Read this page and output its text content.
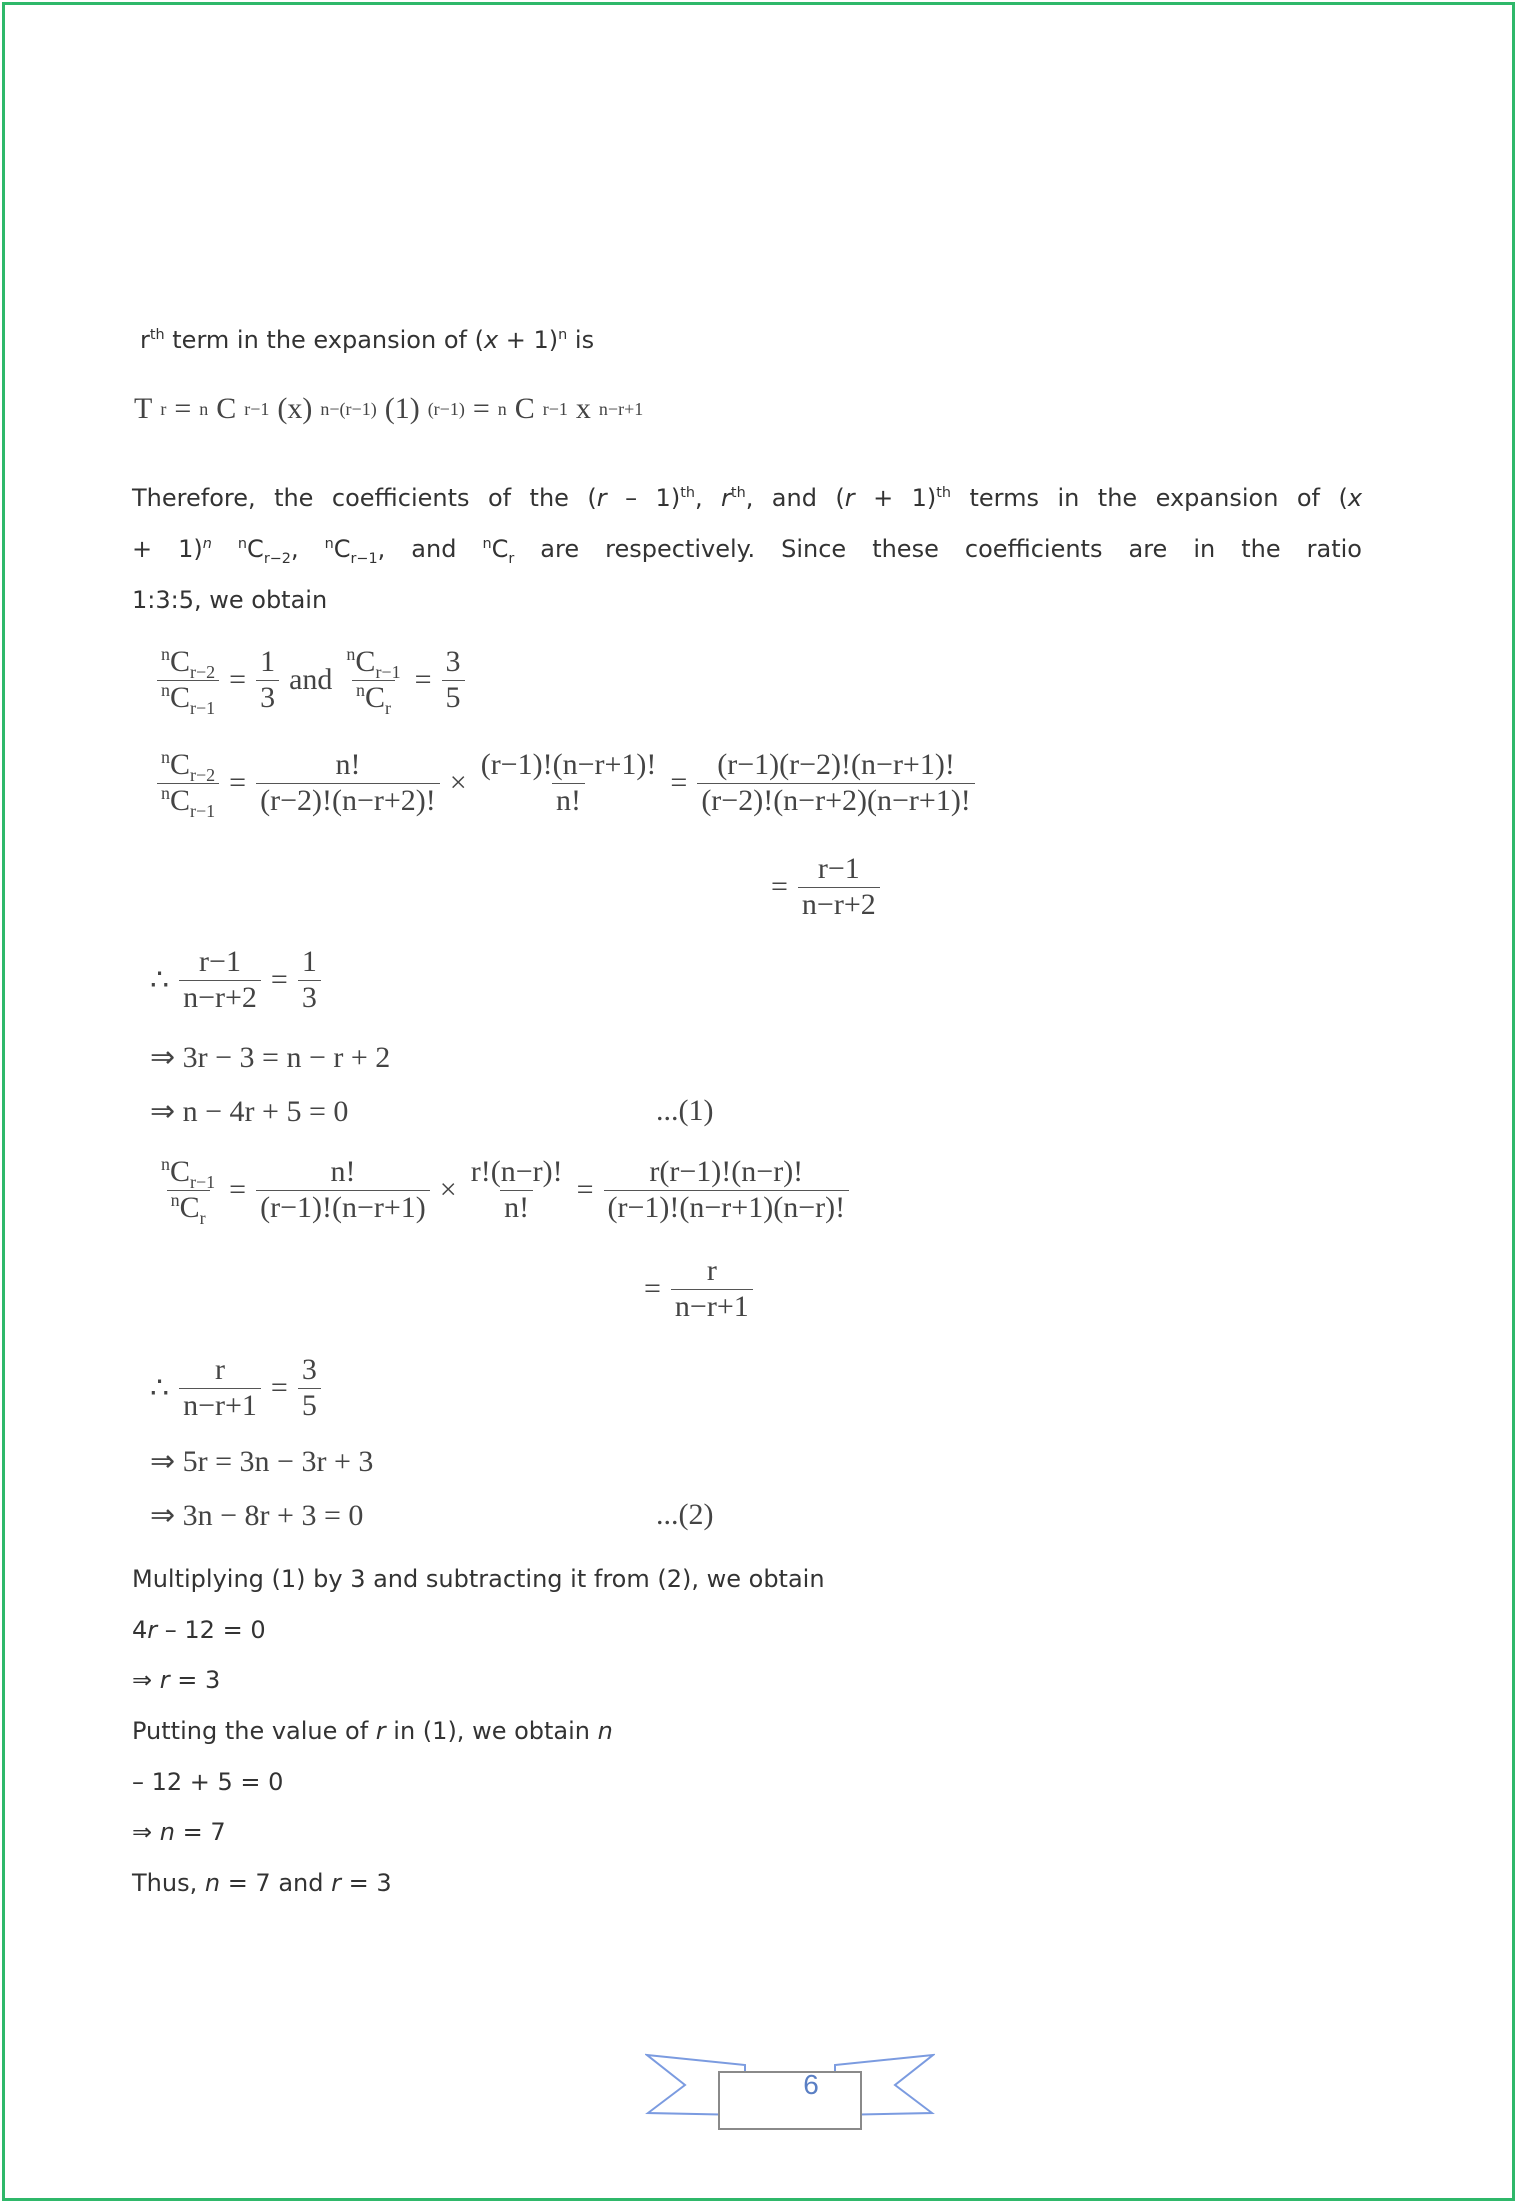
$r^{th}$ term in the expansion of $(x + 1)^n$ is
T r = n C r−1 (x) n−(r−1) (1) (r−1) = n C r−1 x n−r+1
Therefore, the coefficients of the (r – 1)$^{th}$, $r^{th}$, and $(r + 1)^{th}$ terms in the expansion of (x
+ 1)$^n$ $^nC_{r-2}$, $^nC_{r-1}$, and $^nC_r$ are respectively. Since these coefficients are in the ratio
1:3:5, we obtain
$^nC_{r-2}$
$^nC_{r-1}$
= $\frac{1}{3}$ and
$^nC_{r-1}$
$^nC_r$
= $\frac{3}{5}$
$^nC_{r-2}$
$^nC_{r-1}$
= $\frac{n!}{(r-2)!(n-r+2)!} \times \frac{(r-1)!(n-r+1)!}{n!} = \frac{(r-1)(r-2)!(n-r+1)!}{(r-2)!(n-r+2)(n-r+1)!}$
= $\frac{r-1}{n-r+2}$
∴ $\frac{r-1}{n-r+2} = \frac{1}{3}$
⇒ 3r − 3 = n − r + 2
⇒ n − 4r + 5 = 0	...(1)
$^nC_{r-1}$
$^nC_r$
= $\frac{n!}{(r-1)!(n-r+1)} \times \frac{r!(n-r)!}{n!} = \frac{r(r-1)!(n-r)!}{(r-1)!(n-r+1)(n-r)!}$
= $\frac{r}{n-r+1}$
∴ $\frac{r}{n-r+1} = \frac{3}{5}$
⇒ 5r = 3n − 3r + 3
⇒ 3n − 8r + 3 = 0	...(2)
Multiplying (1) by 3 and subtracting it from (2), we obtain
4r – 12 = 0
⇒ r = 3
Putting the value of r in (1), we obtain n
– 12 + 5 = 0
⇒ n = 7
Thus, n = 7 and r = 3
6
